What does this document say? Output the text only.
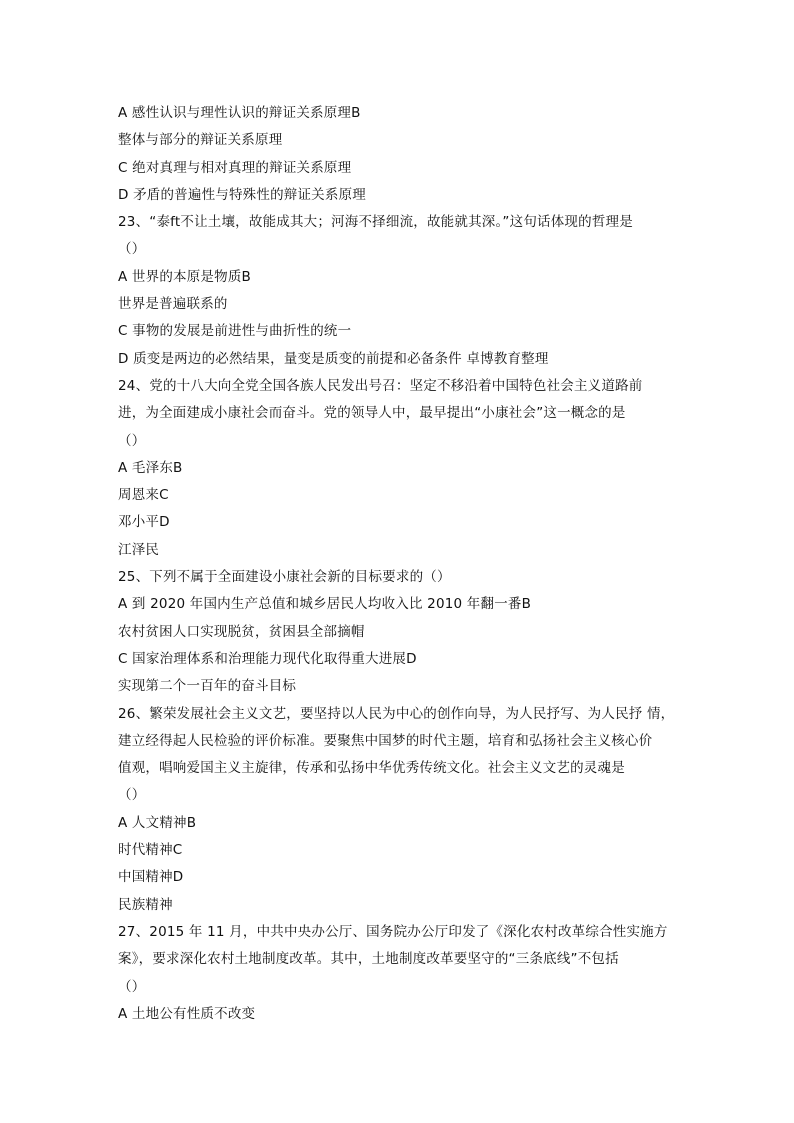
A 感性认识与理性认识的辩证关系原理B
整体与部分的辩证关系原理
C 绝对真理与相对真理的辩证关系原理
D 矛盾的普遍性与特殊性的辩证关系原理
23、“泰ft不让土壤，故能成其大；河海不择细流，故能就其深。”这句话体现的哲理是
（）
A 世界的本原是物质B
世界是普遍联系的
C 事物的发展是前进性与曲折性的统一
D 质变是两边的必然结果，量变是质变的前提和必备条件 卓博教育整理
24、党的十八大向全党全国各族人民发出号召：坚定不移沿着中国特色社会主义道路前
进，为全面建成小康社会而奋斗。党的领导人中，最早提出“小康社会”这一概念的是
（）
A 毛泽东B
周恩来C
邓小平D
江泽民
25、下列不属于全面建设小康社会新的目标要求的（）
A 到 2020 年国内生产总值和城乡居民人均收入比 2010 年翻一番B
农村贫困人口实现脱贫，贫困县全部摘帽
C 国家治理体系和治理能力现代化取得重大进展D
实现第二个一百年的奋斗目标
26、繁荣发展社会主义文艺，要坚持以人民为中心的创作向导，为人民抒写、为人民抒 情，
建立经得起人民检验的评价标准。要聚焦中国梦的时代主题，培育和弘扬社会主义核心价
值观，唱响爱国主义主旋律，传承和弘扬中华优秀传统文化。社会主义文艺的灵魂是
（）
A 人文精神B
时代精神C
中国精神D
民族精神
27、2015 年 11 月，中共中央办公厅、国务院办公厅印发了《深化农村改革综合性实施方
案》，要求深化农村土地制度改革。其中，土地制度改革要坚守的“三条底线”不包括
（）
A 土地公有性质不改变
